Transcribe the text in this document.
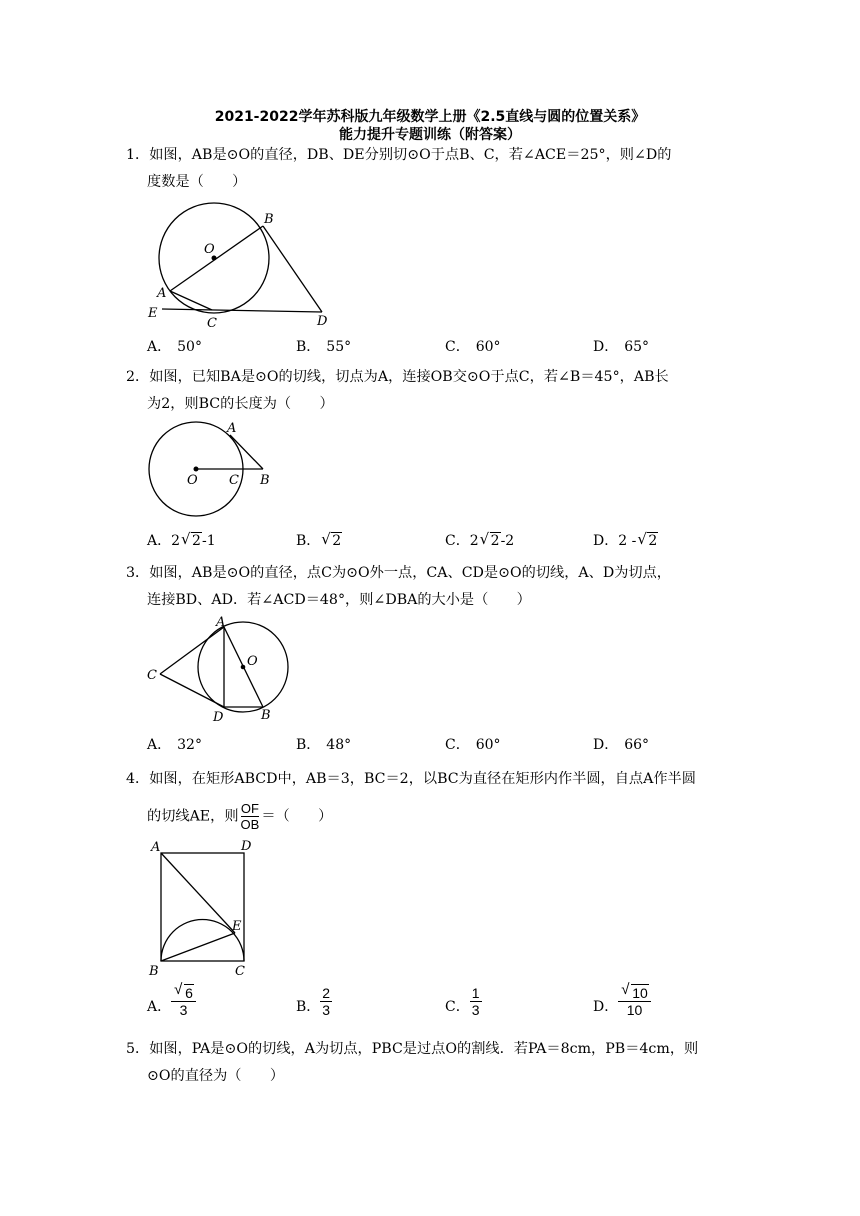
2021-2022学年苏科版九年级数学上册《2.5直线与圆的位置关系》
能力提升专题训练（附答案）
1．如图，AB是⊙O的直径，DB、DE分别切⊙O于点B、C，若∠ACE＝25°，则∠D的
度数是（　　）
O
B
A
E
C	D
A． 50°	B． 55°	C． 60°	D． 65°
2．如图，已知BA是⊙O的切线，切点为A，连接OB交⊙O于点C，若∠B＝45°，AB长
为2，则BC的长度为（　　）
A
O C B
A．2 √ 2-1	B． √ 2	C．2 √ 2-2	D．2 - √ 2
3．如图，AB是⊙O的直径，点C为⊙O外一点，CA、CD是⊙O的切线，A、D为切点，
连接BD、AD．若∠ACD＝48°，则∠DBA的大小是（　　）
A
O
C
D	B
A． 32°	B． 48°	C． 60°	D． 66°
4．如图，在矩形ABCD中，AB＝3，BC＝2，以BC为直径在矩形内作半圆，自点A作半圆
的切线AE，则 $\frac{OF}{OB}$ ＝（　　）
A	D
E
B	C
A． √ $\frac{6}{3}$	B． $\frac{2}{3}$	C． $\frac{1}{3}$	D． √ $\frac{10}{10}$
5．如图，PA是⊙O的切线，A为切点，PBC是过点O的割线．若PA＝8cm，PB＝4cm，则
⊙O的直径为（　　）
